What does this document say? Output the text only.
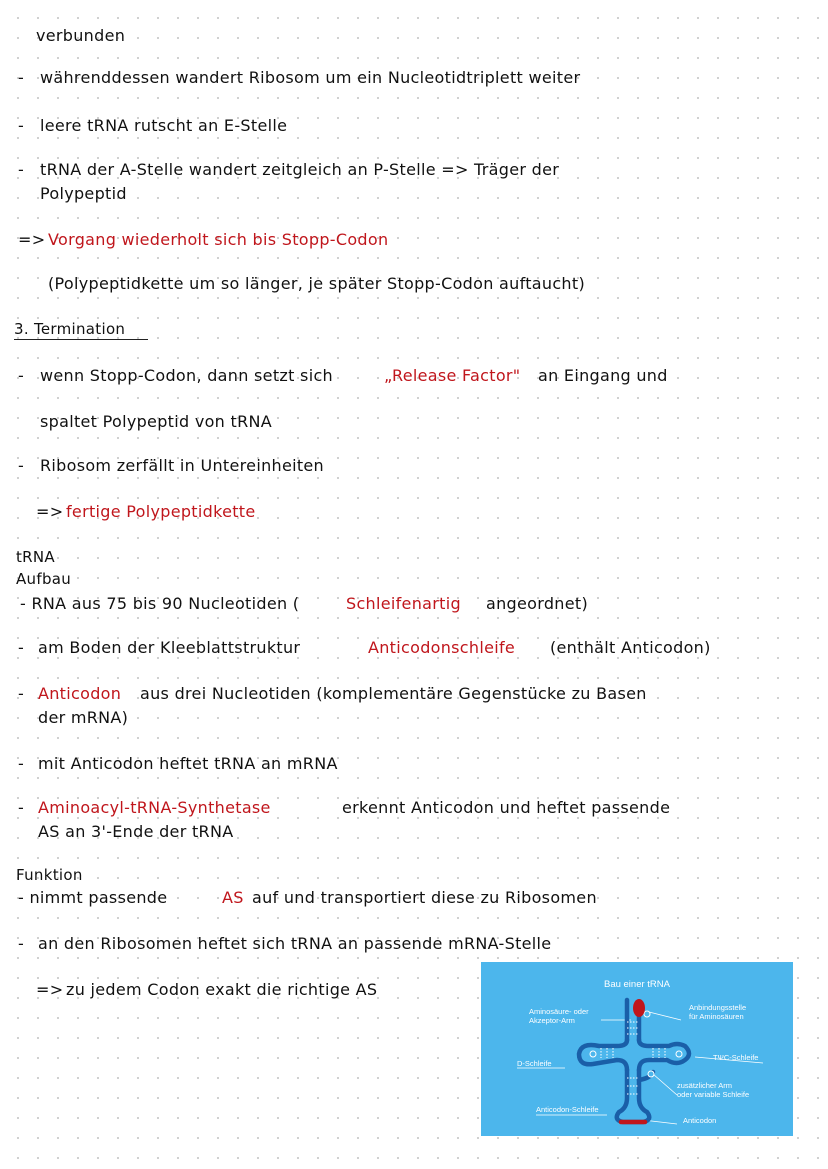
verbunden
- währenddessen wandert Ribosom um ein Nucleotidtriplett weiter
- leere tRNA rutscht an E-Stelle
- tRNA der A-Stelle wandert zeitgleich an P-Stelle => Träger der
Polypeptid
=> Vorgang wiederholt sich bis Stopp-Codon
(Polypeptidkette um so länger, je später Stopp-Codon auftaucht)
3. Termination
- wenn Stopp-Codon, dann setzt sich	„Release Factor" an Eingang und
spaltet Polypeptid von tRNA
- Ribosom zerfällt in Untereinheiten
=> fertige Polypeptidkette
tRNA
Aufbau
- RNA aus 75 bis 90 Nucleotiden (	Schleifenartig angeordnet)
- am Boden der Kleeblattstruktur	Anticodonschleife (enthält Anticodon)
- Anticodon aus drei Nucleotiden (komplementäre Gegenstücke zu Basen
der mRNA)
- mit Anticodon heftet tRNA an mRNA
- Aminoacyl-tRNA-Synthetase	erkennt Anticodon und heftet passende
AS an 3'-Ende der tRNA
Funktion
- nimmt passende	AS auf und transportiert diese zu Ribosomen
- an den Ribosomen heftet sich tRNA an passende mRNA-Stelle
=> zu jedem Codon exakt die richtige AS	Bau einer tRNA
Aminosäure- oder
Akzeptor-Arm
Anbindungsstelle
für Aminosäuren
D-Schleife
TΨC-Schleife
zusätzlicher Arm
oder variable Schleife
Anticodon-Schleife
Anticodon
